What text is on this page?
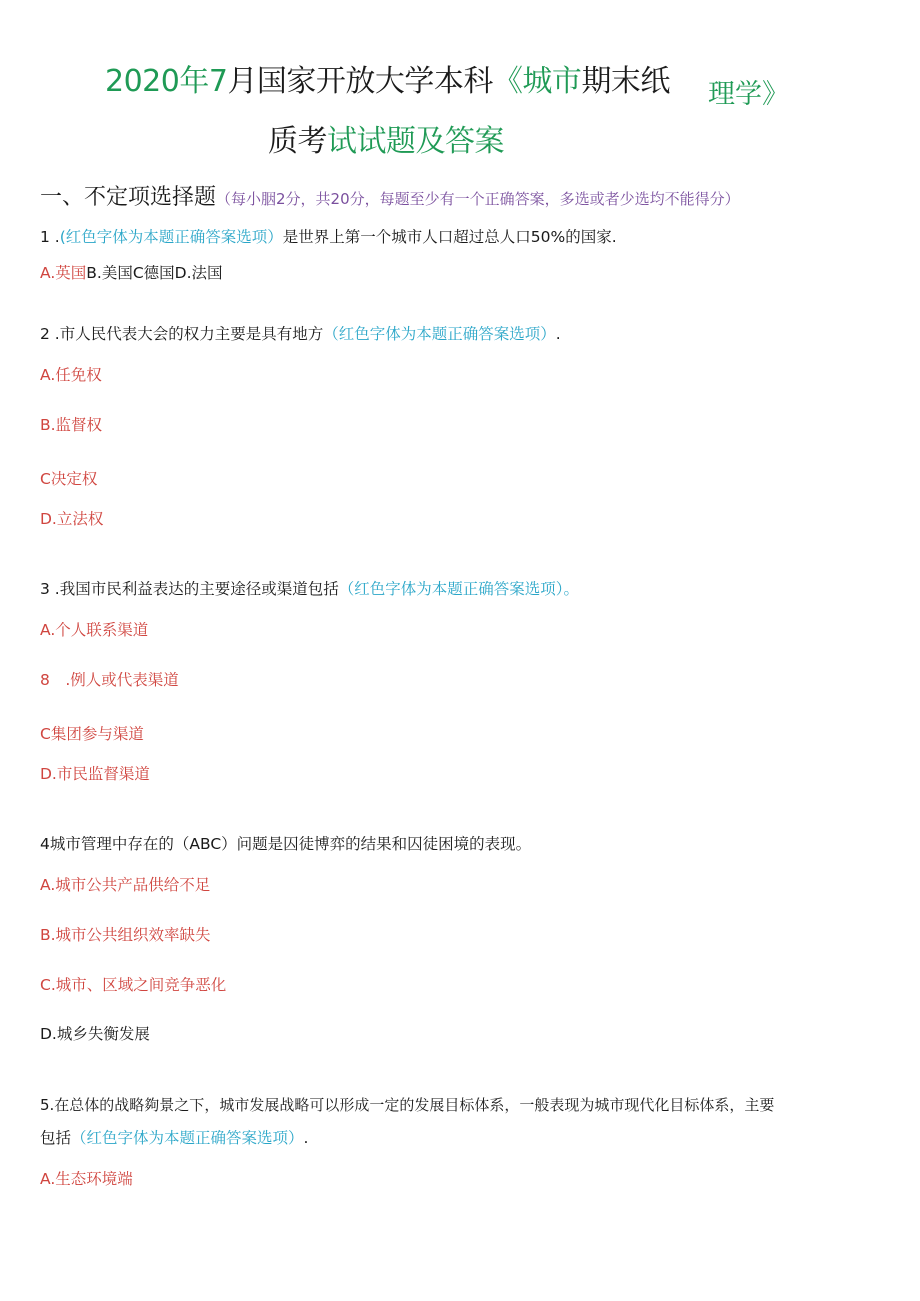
2020年7月国家开放大学本科《城市期末纸 理学》
质考试试题及答案
一、不定项选择题（每小胭2分，共20分，每题至少有一个正确答案，多选或者少选均不能得分）
1 .(红色字体为本题正确答案选项）是世界上第一个城市人口超过总人口50%的国家.
A.英国B.美国C德国D.法国
2 .市人民代表大会的权力主要是具有地方（红色字体为本题正确答案选项）.
A.任免权
B.监督权
C决定权
D.立法权
3 .我国市民利益表达的主要途径或渠道包括（红色字体为本题正确答案选项）。
A.个人联系渠道
8　.例人或代表渠道
C集团参与渠道
D.市民监督渠道
4城市管理中存在的（ABC）问题是囚徒博弈的结果和囚徒困境的表现。
A.城市公共产品供给不足
B.城市公共组织效率缺失
C.城市、区域之间竞争恶化
D.城乡失衡发展
5.在总体的战略夠景之下，城市发展战略可以形成一定的发展目标体系，一般表现为城市现代化目标体系，主要
包括（红色字体为本题正确答案选项）.
A.生态环境端
